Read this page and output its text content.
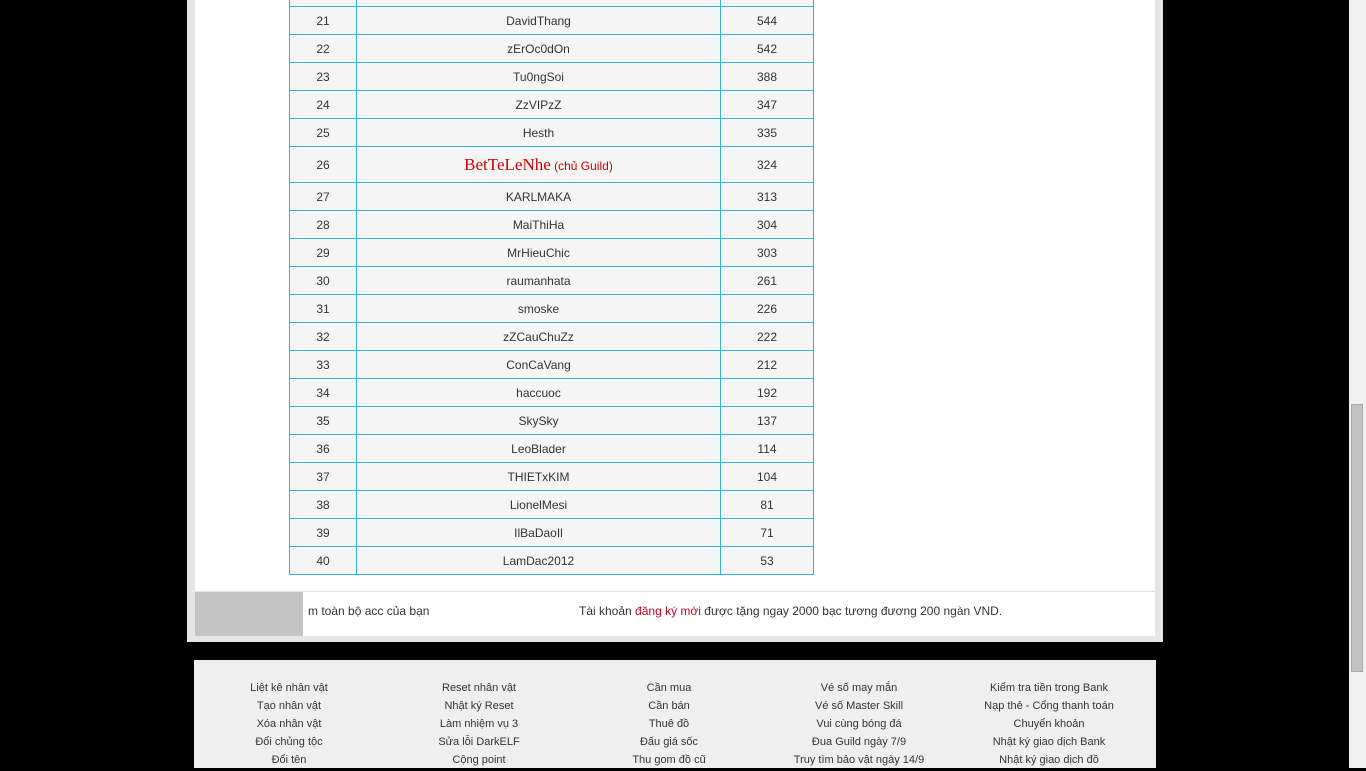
21	DavidThang	544
22	zErOc0dOn	542
23	Tu0ngSoi	388
24	ZzVIPzZ	347
25	Hesth	335
26	BetTeLeNhe (chủ Guild)	324
27	KARLMAKA	313
28	MaiThiHa	304
29	MrHieuChic	303
30	raumanhata	261
31	smoske	226
32	zZCauChuZz	222
33	ConCaVang	212
34	haccuoc	192
35	SkySky	137
36	LeoBlader	114
37	THIETxKIM	104
38	LionelMesi	81
39	IlBaDaoIl	71
40	LamDac2012	53
m toàn bộ acc của bạn	Tài khoản đăng ký mới được tặng ngay 2000 bạc tương đương 200 ngàn VND.
Liệt kê nhân vật
Tạo nhân vật
Xóa nhân vật
Đổi chủng tộc
Đổi tên
Reset nhân vật
Nhật ký Reset
Làm nhiệm vụ 3
Sửa lỗi DarkELF
Cộng point
Cần mua
Cần bán
Thuê đồ
Đấu giá sốc
Thu gom đồ cũ
Vé số may mắn
Vé số Master Skill
Vui cùng bóng đá
Đua Guild ngày 7/9
Truy tìm bảo vật ngày 14/9
Kiểm tra tiền trong Bank
Nạp thẻ - Cổng thanh toán
Chuyển khoản
Nhật ký giao dịch Bank
Nhật ký giao dịch đồ
